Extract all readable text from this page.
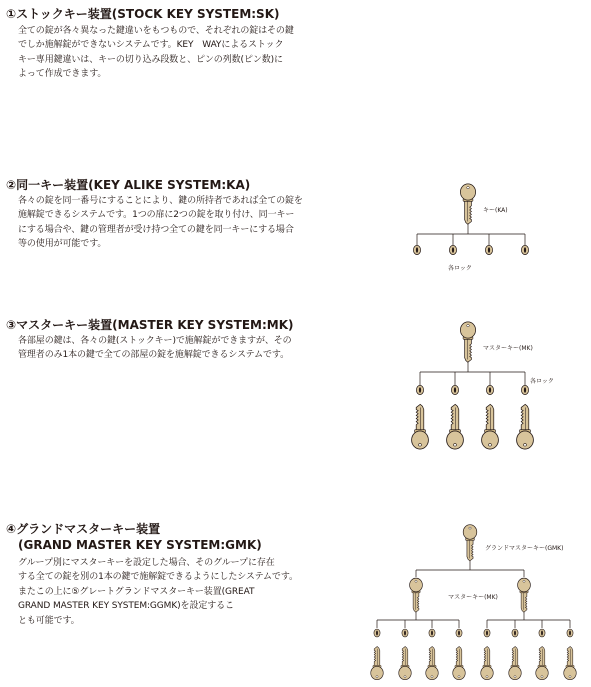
①ストックキー装置(STOCK KEY SYSTEM:SK)
全ての錠が各々異なった鍵違いをもつもので、それぞれの錠はその鍵
でしか施解錠ができないシステムです。KEY　WAYによるストック
キー専用鍵違いは、キーの切り込み段数と、ピンの列数(ピン数)に
よって作成できます。
②同一キー装置(KEY ALIKE SYSTEM:KA)
各々の錠を同一番号にすることにより、鍵の所持者であれば全ての錠を
施解錠できるシステムです。1つの扉に2つの錠を取り付け、同一キー
にする場合や、鍵の管理者が受け持つ全ての鍵を同一キーにする場合
等の使用が可能です。
③マスターキー装置(MASTER KEY SYSTEM:MK)
各部屋の鍵は、各々の鍵(ストックキー)で施解錠ができますが、その
管理者のみ1本の鍵で全ての部屋の錠を施解錠できるシステムです。
④グランドマスターキー装置
(GRAND MASTER KEY SYSTEM:GMK)
グループ別にマスターキーを設定した場合、そのグループに存在
する全ての錠を別の1本の鍵で施解錠できるようにしたシステムです。
またこの上に⑤グレートグランドマスターキー装置(GREAT
GRAND MASTER KEY SYSTEM:GGMK)を設定するこ
とも可能です。
キー(KA)
各ロック
マスターキー(MK)
各ロック
グランドマスターキー(GMK)
マスターキー(MK)
